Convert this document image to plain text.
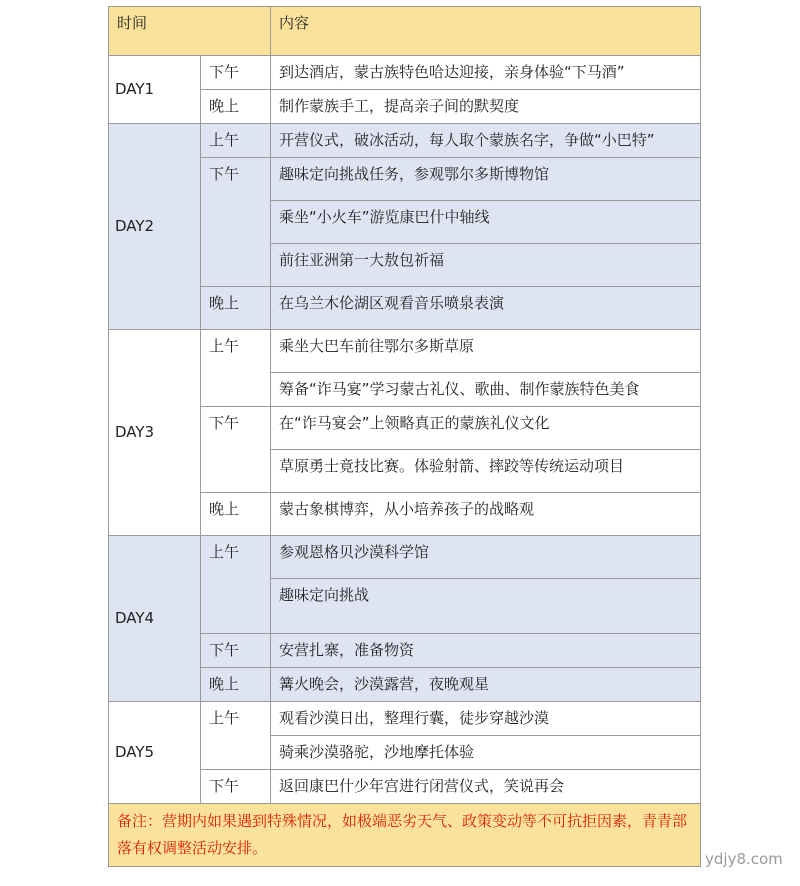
时间		内容
DAY1	下午	到达酒店，蒙古族特色哈达迎接，亲身体验“下马酒”
	晚上	制作蒙族手工，提高亲子间的默契度
DAY2	上午	开营仪式，破冰活动，每人取个蒙族名字，争做“小巴特”
	下午	趣味定向挑战任务，参观鄂尔多斯博物馆
		乘坐“小火车”游览康巴什中轴线
		前往亚洲第一大敖包祈福
	晚上	在乌兰木伦湖区观看音乐喷泉表演
DAY3	上午	乘坐大巴车前往鄂尔多斯草原
		筹备“诈马宴”学习蒙古礼仪、歌曲、制作蒙族特色美食
	下午	在“诈马宴会”上领略真正的蒙族礼仪文化
		草原勇士竟技比赛。体验射箭、摔跤等传统运动项目
	晚上	蒙古象棋博弈，从小培养孩子的战略观
DAY4	上午	参观恩格贝沙漠科学馆
		趣味定向挑战
	下午	安营扎寨，准备物资
	晚上	篝火晚会，沙漠露营，夜晚观星
DAY5	上午	观看沙漠日出，整理行囊，徒步穿越沙漠
		骑乘沙漠骆驼，沙地摩托体验
	下午	返回康巴什少年宫进行闭营仪式，笑说再会
备注：营期内如果遇到特殊情况，如极端恶劣天气、政策变动等不可抗拒因素，青青部落有权调整活动安排。		
ydjy8.com
